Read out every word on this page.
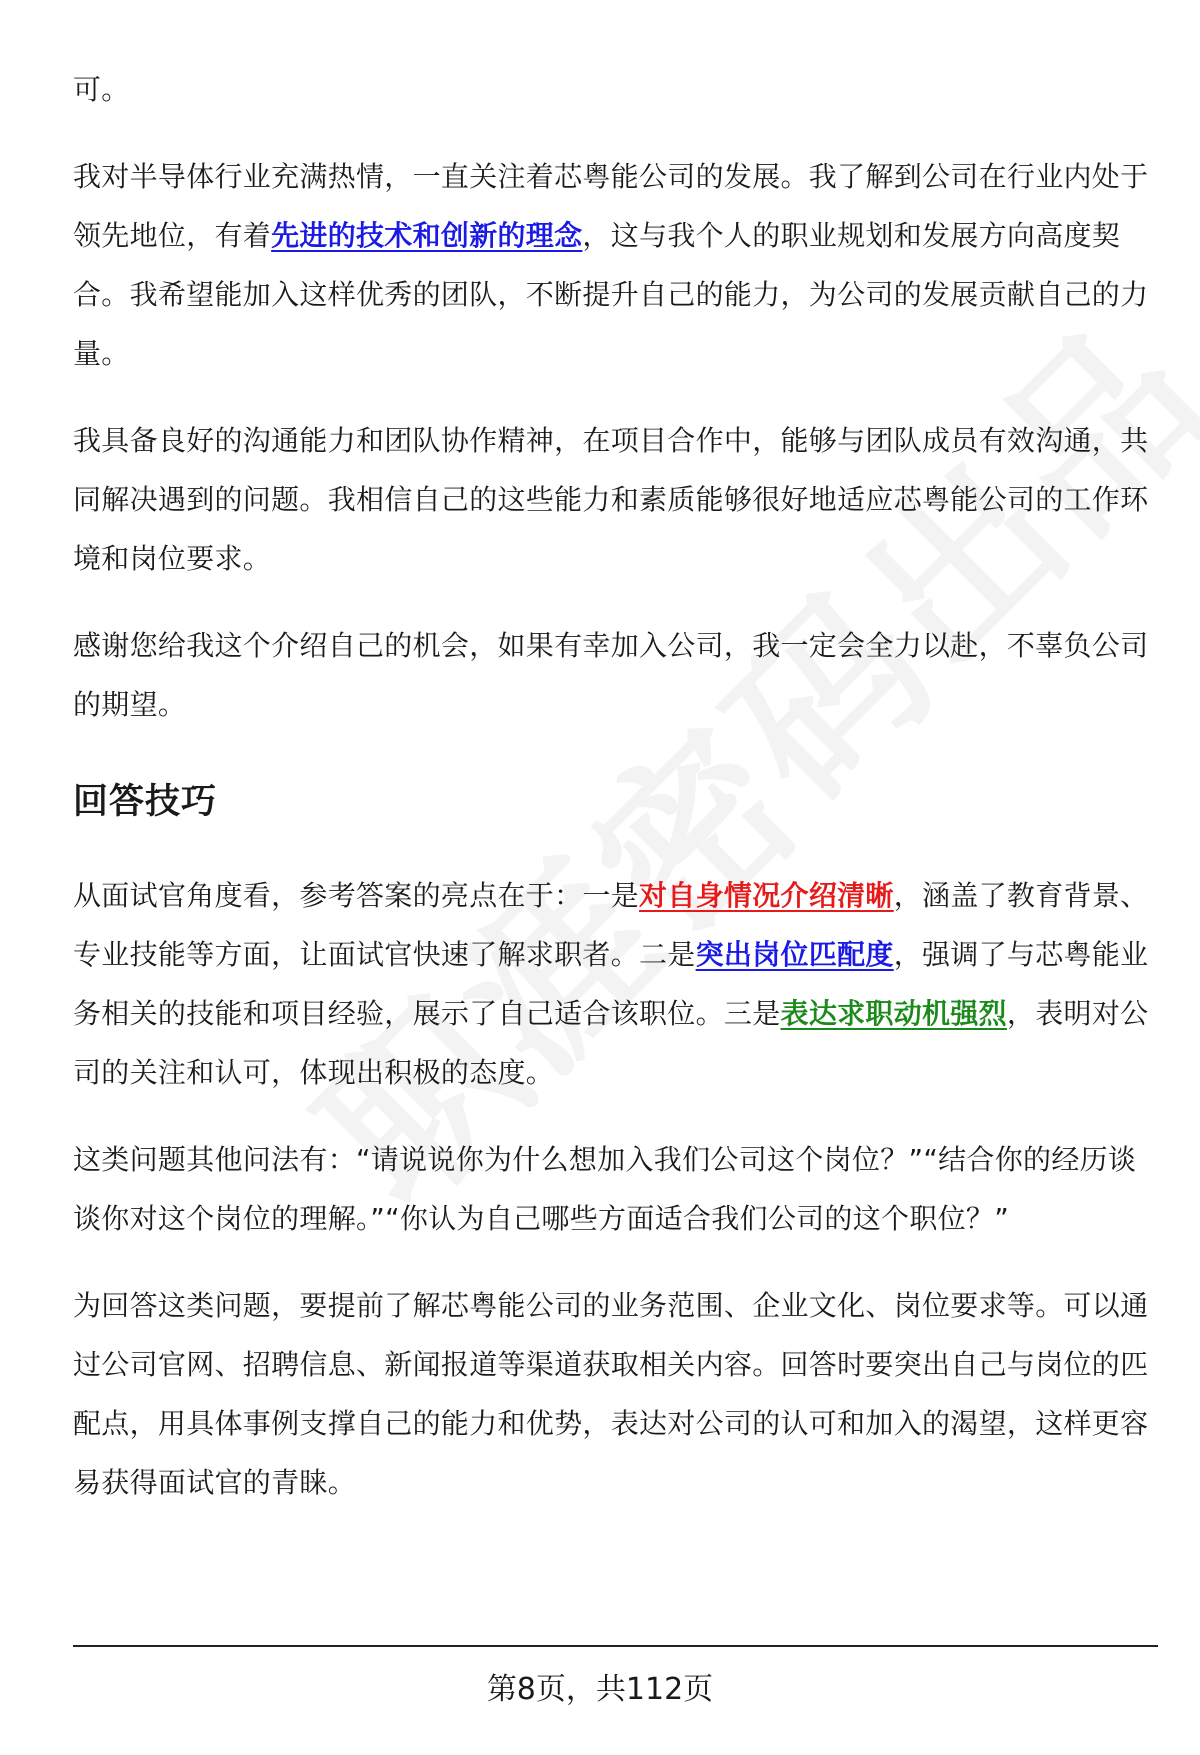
可。

我对半导体行业充满热情，一直关注着芯粤能公司的发展。我了解到公司在行业内处于领先地位，有着先进的技术和创新的理念，这与我个人的职业规划和发展方向高度契合。我希望能加入这样优秀的团队，不断提升自己的能力，为公司的发展贡献自己的力量。

我具备良好的沟通能力和团队协作精神，在项目合作中，能够与团队成员有效沟通，共同解决遇到的问题。我相信自己的这些能力和素质能够很好地适应芯粤能公司的工作环境和岗位要求。

感谢您给我这个介绍自己的机会，如果有幸加入公司，我一定会全力以赴，不辜负公司的期望。

回答技巧

从面试官角度看，参考答案的亮点在于：一是对自身情况介绍清晰，涵盖了教育背景、专业技能等方面，让面试官快速了解求职者。二是突出岗位匹配度，强调了与芯粤能业务相关的技能和项目经验，展示了自己适合该职位。三是表达求职动机强烈，表明对公司的关注和认可，体现出积极的态度。

这类问题其他问法有：“请说说你为什么想加入我们公司这个岗位？”“结合你的经历谈谈你对这个岗位的理解。”“你认为自己哪些方面适合我们公司的这个职位？”

为回答这类问题，要提前了解芯粤能公司的业务范围、企业文化、岗位要求等。可以通过公司官网、招聘信息、新闻报道等渠道获取相关内容。回答时要突出自己与岗位的匹配点，用具体事例支撑自己的能力和优势，表达对公司的认可和加入的渴望，这样更容易获得面试官的青睐。

第8页，共112页
